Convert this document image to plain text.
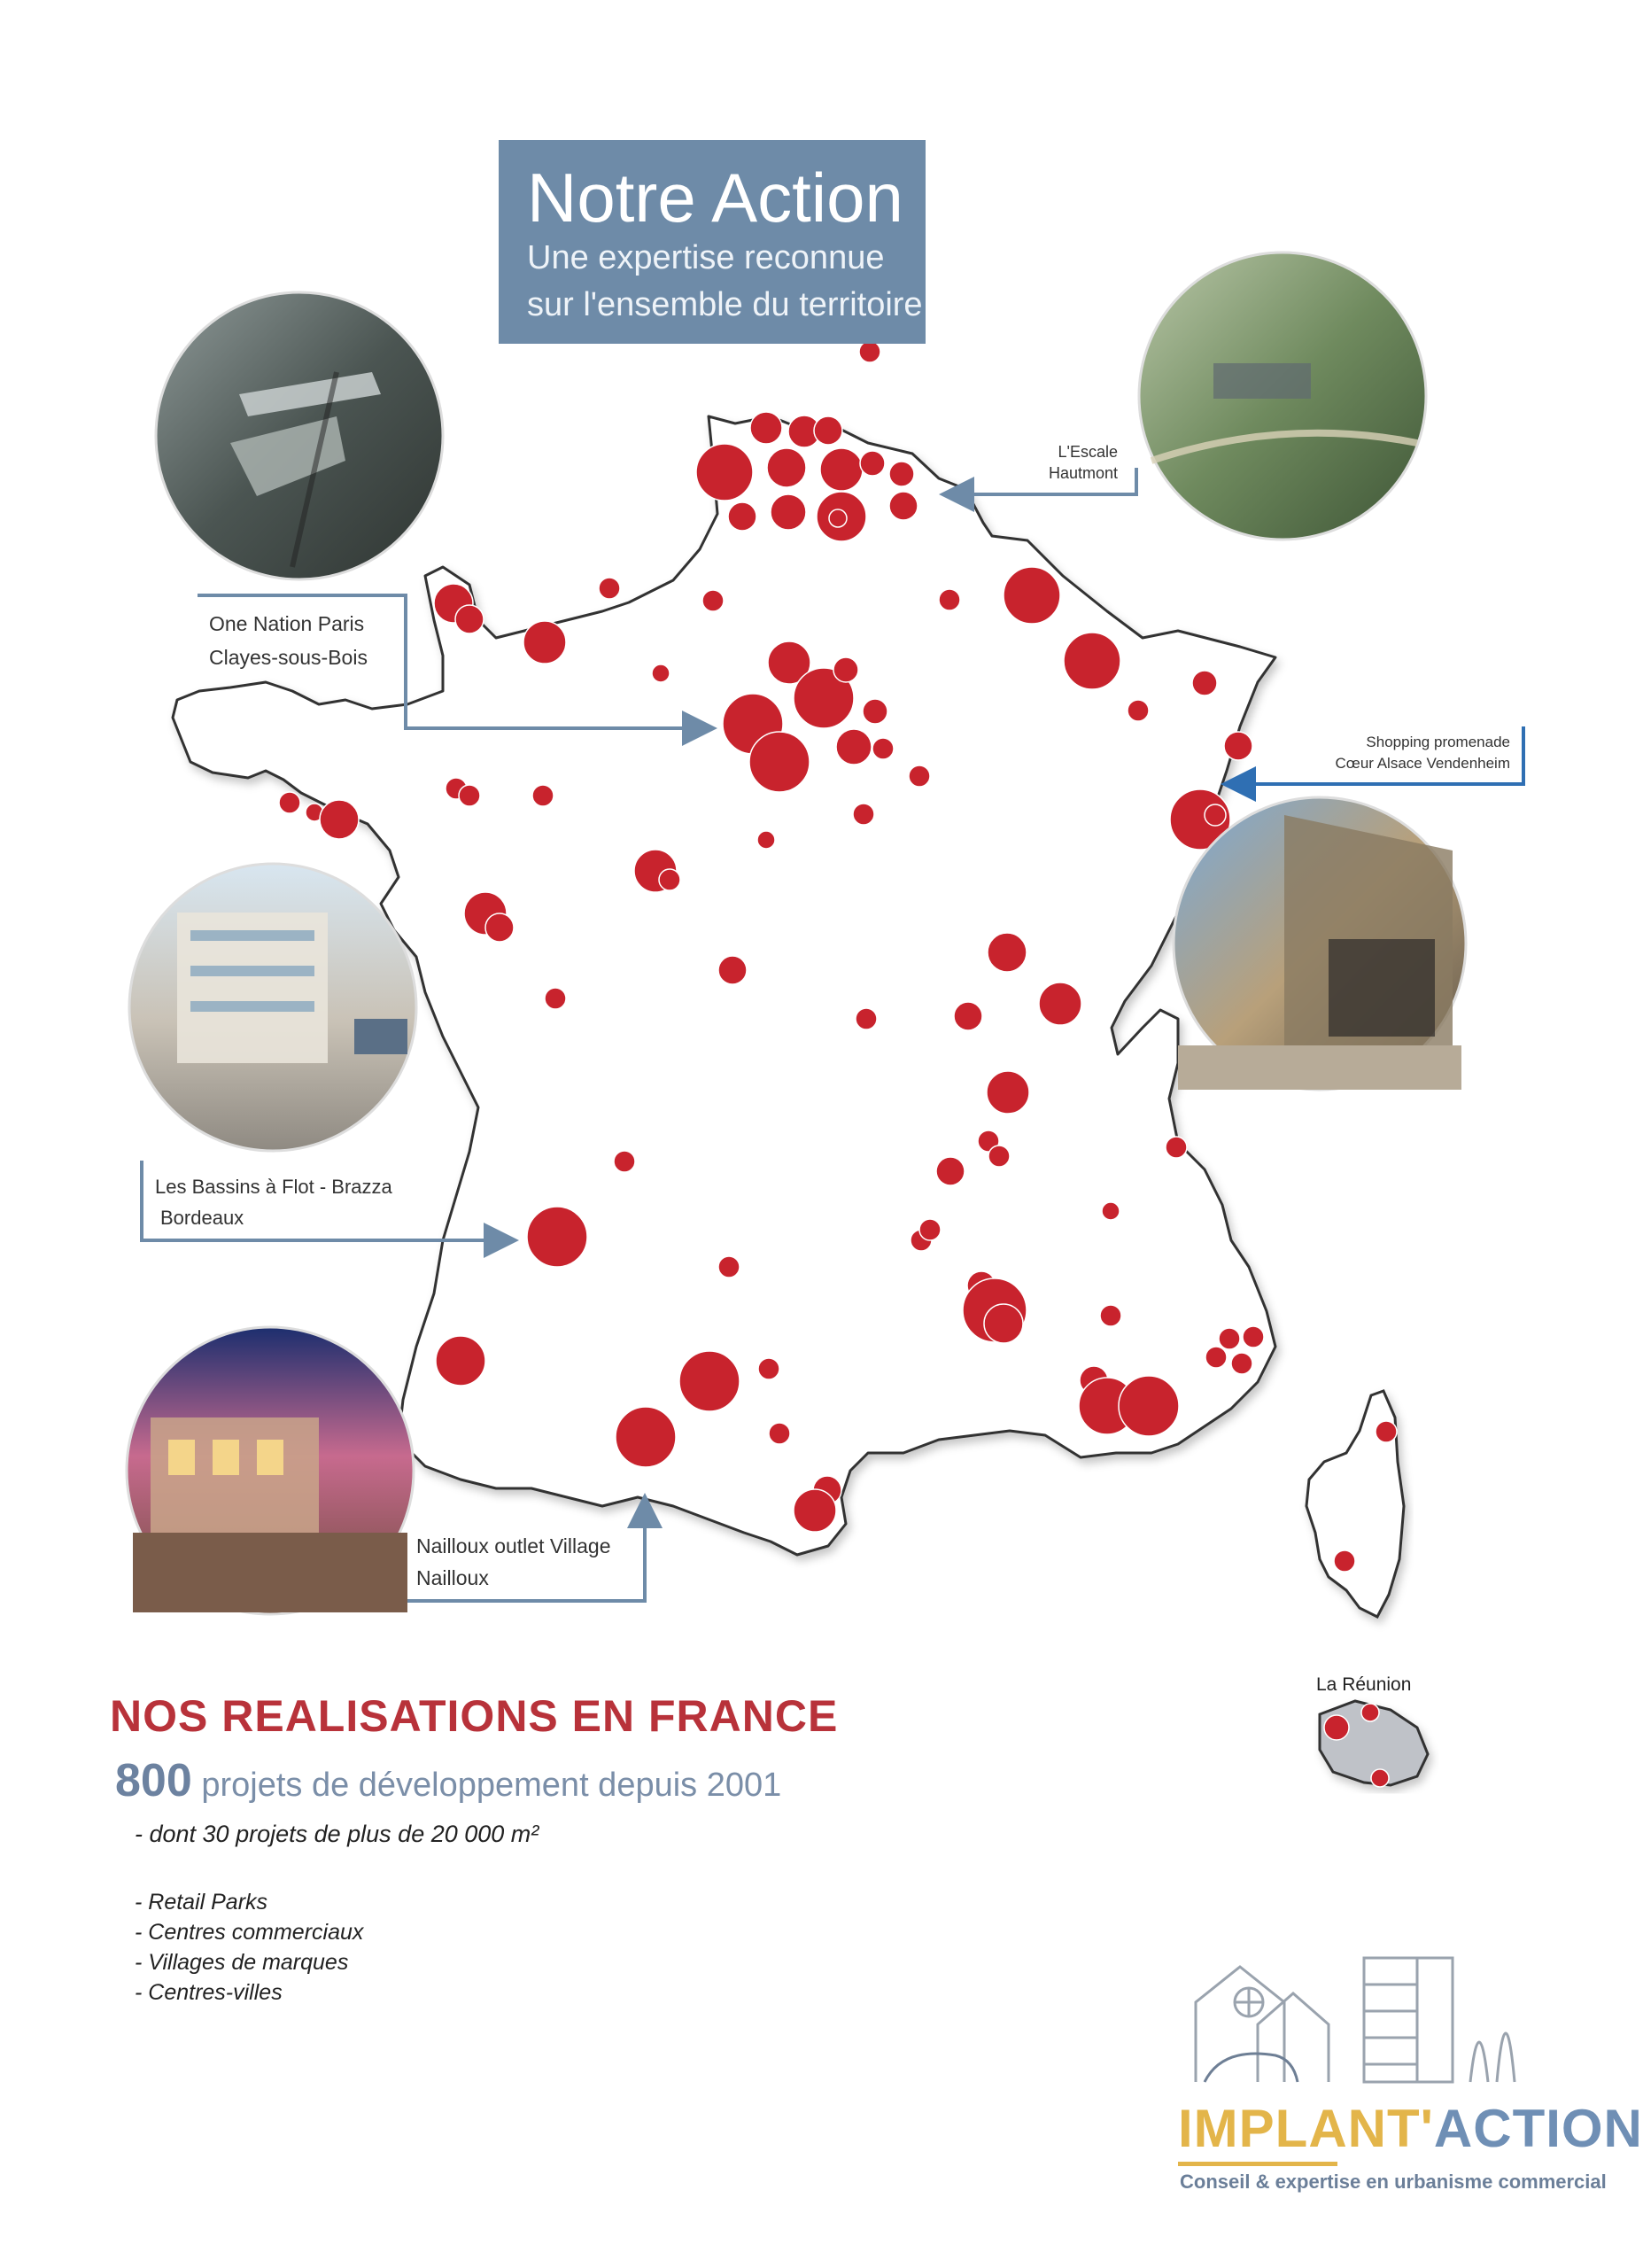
Notre Action
Une expertise reconnue
sur l'ensemble du territoire
L'Escale
Hautmont
One Nation Paris
Clayes-sous-Bois
Shopping promenade
Cœur Alsace Vendenheim
Les Bassins à Flot - Brazza
Bordeaux
Nailloux outlet Village
Nailloux
La Réunion
NOS REALISATIONS EN FRANCE
800 projets de développement depuis 2001
- dont 30 projets de plus de 20 000 m²
- Retail Parks
- Centres commerciaux
- Villages de marques
- Centres-villes
IMPLANT'ACTION
Conseil & expertise en urbanisme commercial
